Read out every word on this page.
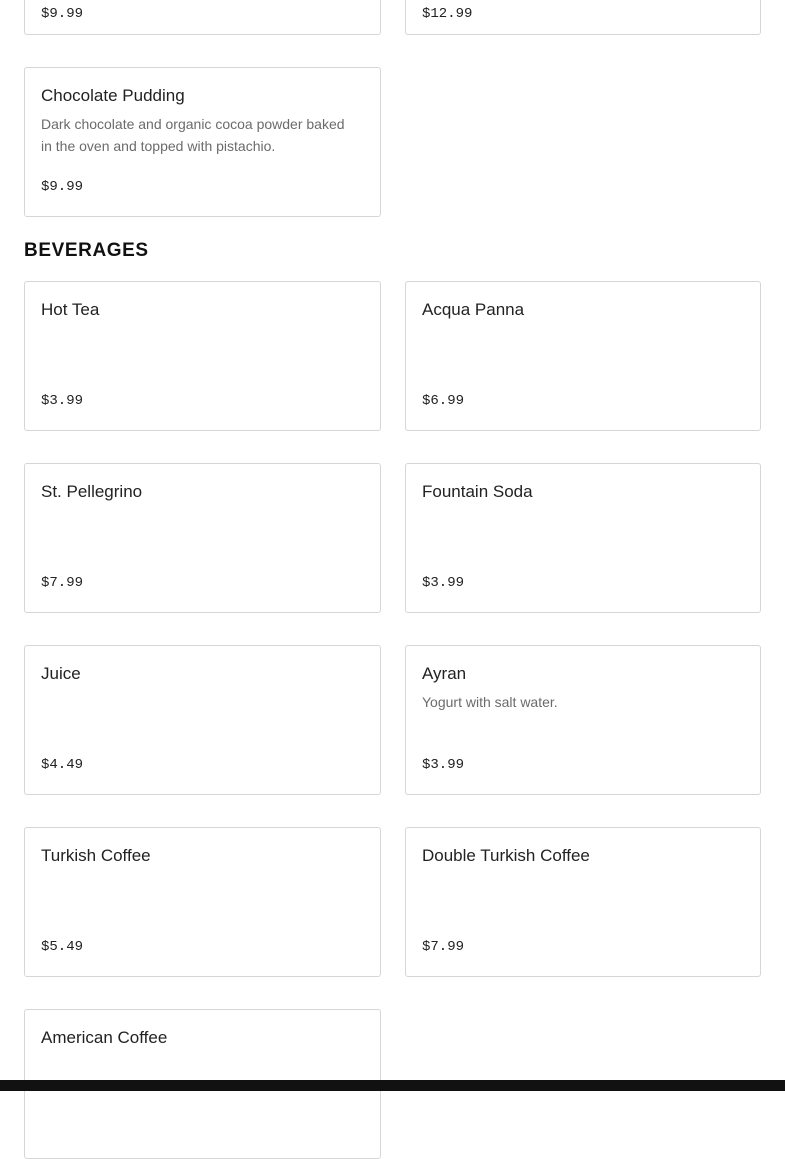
$9.99	$12.99
Chocolate Pudding
Dark chocolate and organic cocoa powder baked in the oven and topped with pistachio.
$9.99
BEVERAGES
Hot Tea
$3.99
Acqua Panna
$6.99
St. Pellegrino
$7.99
Fountain Soda
$3.99
Juice
$4.49
Ayran
Yogurt with salt water.
$3.99
Turkish Coffee
$5.49
Double Turkish Coffee
$7.99
American Coffee
